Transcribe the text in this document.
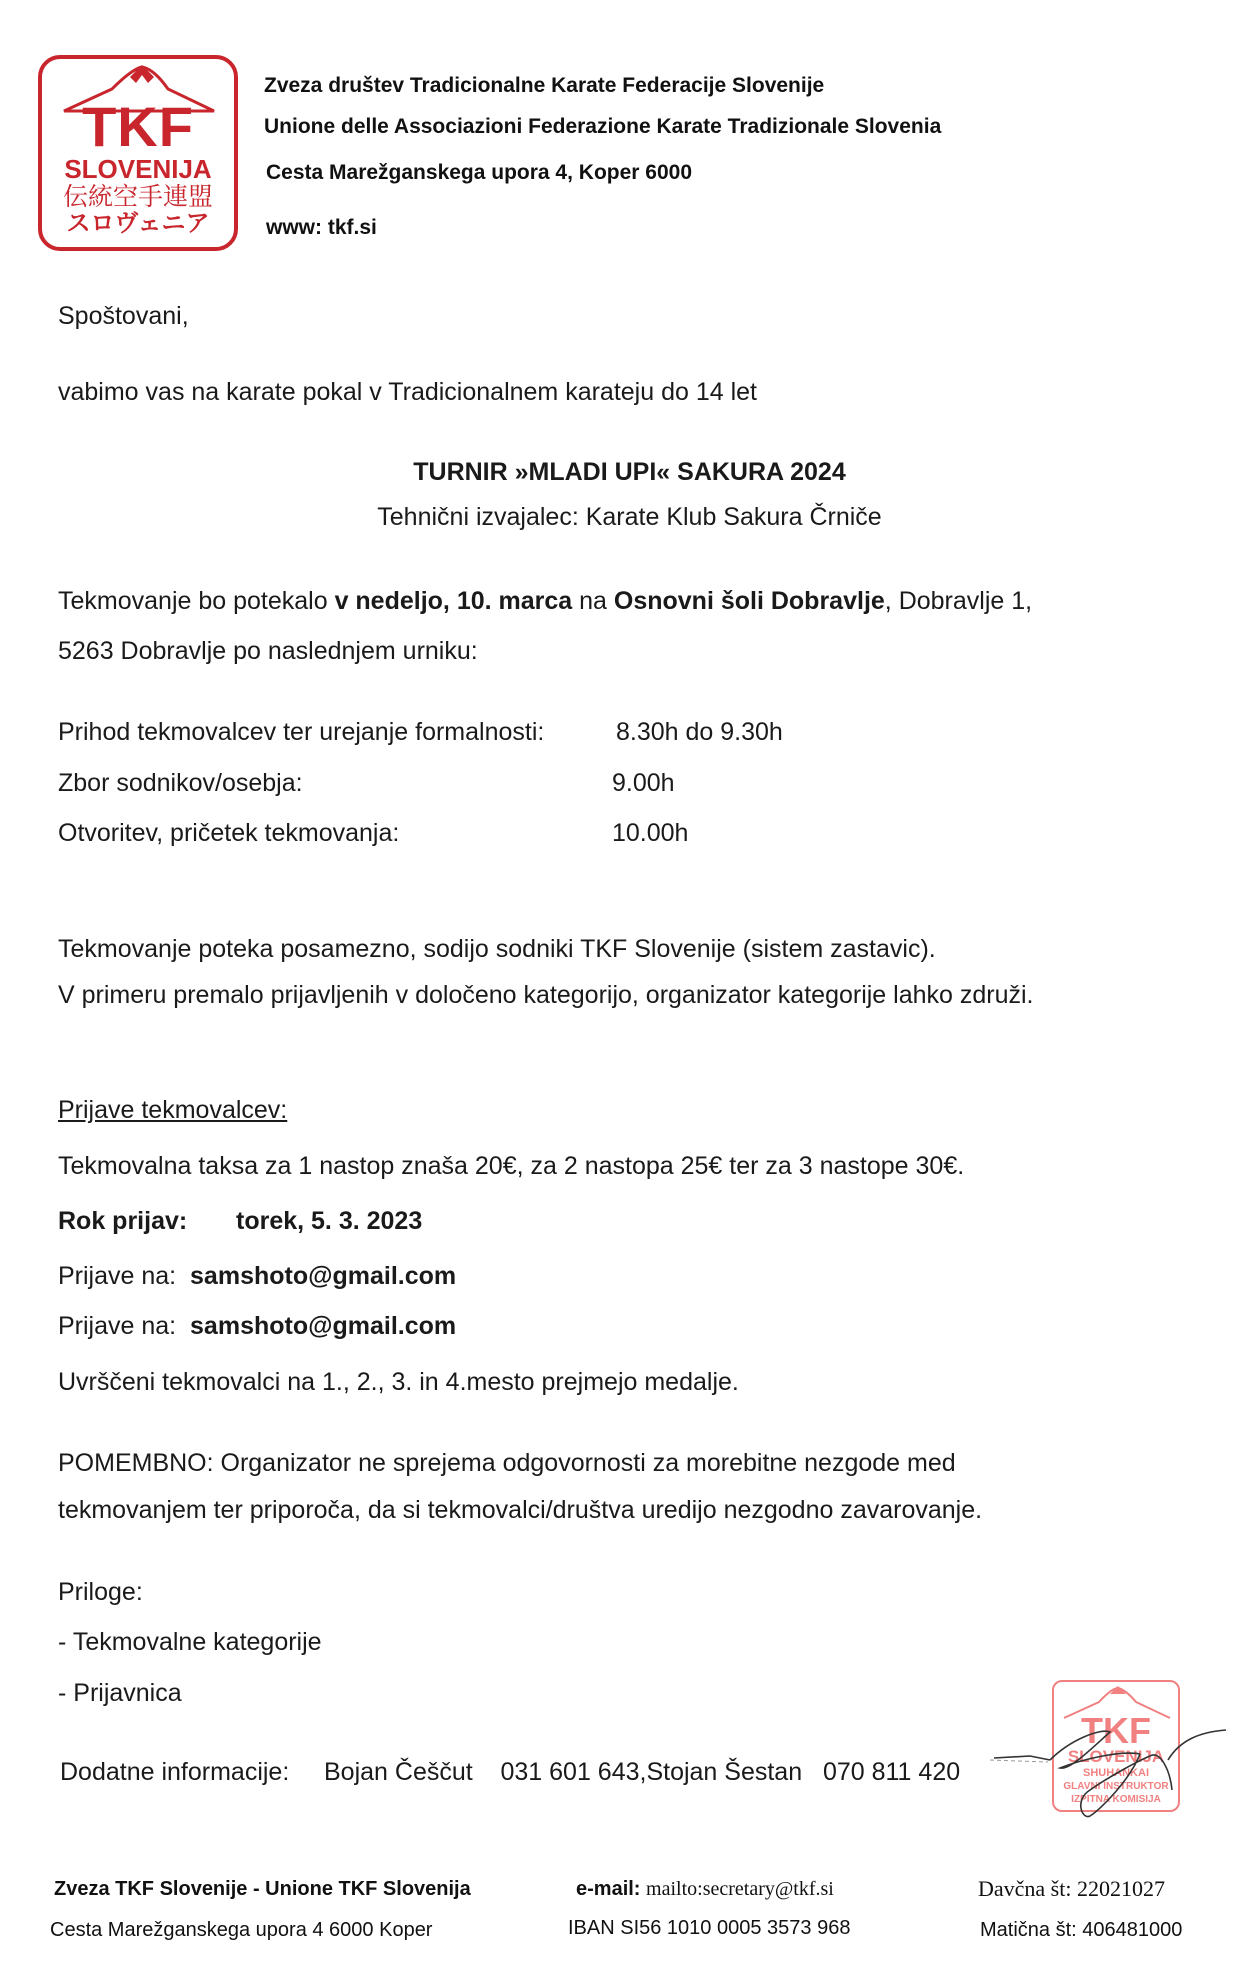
TKF
SLOVENIJA
伝統空手連盟
スロヴェニア
Zveza društev Tradicionalne Karate Federacije Slovenije
Unione delle Associazioni Federazione Karate Tradizionale Slovenia
Cesta Marežganskega upora 4, Koper 6000
www: tkf.si
Spoštovani,
vabimo vas na karate pokal v Tradicionalnem karateju do 14 let
TURNIR »MLADI UPI« SAKURA 2024
Tehnični izvajalec: Karate Klub Sakura Črniče
Tekmovanje bo potekalo v nedeljo, 10. marca na Osnovni šoli Dobravlje, Dobravlje 1,
5263 Dobravlje po naslednjem urniku:
Prihod tekmovalcev ter urejanje formalnosti:	8.30h do 9.30h
Zbor sodnikov/osebja:	9.00h
Otvoritev, pričetek tekmovanja:	10.00h
Tekmovanje poteka posamezno, sodijo sodniki TKF Slovenije (sistem zastavic).
V primeru premalo prijavljenih v določeno kategorijo, organizator kategorije lahko združi.
Prijave tekmovalcev:
Tekmovalna taksa za 1 nastop znaša 20€, za 2 nastopa 25€ ter za 3 nastope 30€.
Rok prijav: torek, 5. 3. 2023
Prijave na: samshoto@gmail.com
Prijave na: samshoto@gmail.com
Uvrščeni tekmovalci na 1., 2., 3. in 4.mesto prejmejo medalje.
POMEMBNO: Organizator ne sprejema odgovornosti za morebitne nezgode med
tekmovanjem ter priporoča, da si tekmovalci/društva uredijo nezgodno zavarovanje.
Priloge:
- Tekmovalne kategorije
- Prijavnica
Dodatne informacije: Bojan Češčut    031 601 643,Stojan Šestan   070 811 420
TKF
SLOVENIJA
SHUHANKAI
GLAVNI INSTRUKTOR
IZPITNA KOMISIJA
Zveza TKF Slovenije - Unione TKF Slovenija
Cesta Marežganskega upora 4 6000 Koper
e-mail: mailto:secretary@tkf.si
IBAN SI56 1010 0005 3573 968
Davčna št: 22021027
Matična št: 406481000
